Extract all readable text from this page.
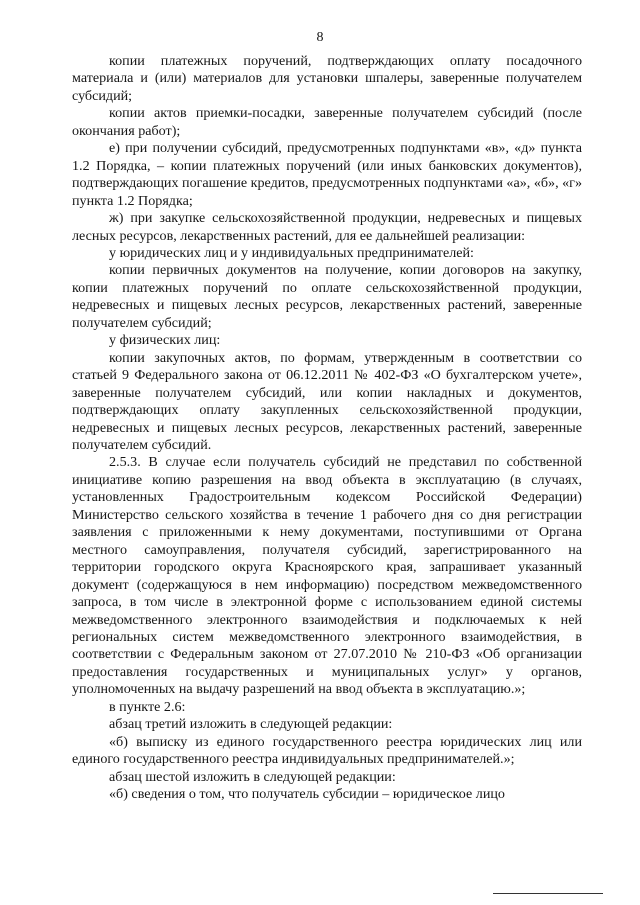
8

копии платежных поручений, подтверждающих оплату посадочного материала и (или) материалов для установки шпалеры, заверенные получателем субсидий;

копии актов приемки-посадки, заверенные получателем субсидий (после окончания работ);

е) при получении субсидий, предусмотренных подпунктами «в», «д» пункта 1.2 Порядка, – копии платежных поручений (или иных банковских документов), подтверждающих погашение кредитов, предусмотренных подпунктами «а», «б», «г» пункта 1.2 Порядка;

ж) при закупке сельскохозяйственной продукции, недревесных и пищевых лесных ресурсов, лекарственных растений, для ее дальнейшей реализации:

у юридических лиц и у индивидуальных предпринимателей:

копии первичных документов на получение, копии договоров на закупку, копии платежных поручений по оплате сельскохозяйственной продукции, недревесных и пищевых лесных ресурсов, лекарственных растений, заверенные получателем субсидий;

у физических лиц:

копии закупочных актов, по формам, утвержденным в соответствии со статьей 9 Федерального закона от 06.12.2011 № 402-ФЗ «О бухгалтерском учете», заверенные получателем субсидий, или копии накладных и документов, подтверждающих оплату закупленных сельскохозяйственной продукции, недревесных и пищевых лесных ресурсов, лекарственных растений, заверенные получателем субсидий.

2.5.3. В случае если получатель субсидий не представил по собственной инициативе копию разрешения на ввод объекта в эксплуатацию (в случаях, установленных Градостроительным кодексом Российской Федерации) Министерство сельского хозяйства в течение 1 рабочего дня со дня регистрации заявления с приложенными к нему документами, поступившими от Органа местного самоуправления, получателя субсидий, зарегистрированного на территории городского округа Красноярского края, запрашивает указанный документ (содержащуюся в нем информацию) посредством межведомственного запроса, в том числе в электронной форме с использованием единой системы межведомственного электронного взаимодействия и подключаемых к ней региональных систем межведомственного электронного взаимодействия, в соответствии с Федеральным законом от 27.07.2010 № 210-ФЗ «Об организации предоставления государственных и муниципальных услуг» у органов, уполномоченных на выдачу разрешений на ввод объекта в эксплуатацию.»;

в пункте 2.6:

абзац третий изложить в следующей редакции:

«б) выписку из единого государственного реестра юридических лиц или единого государственного реестра индивидуальных предпринимателей.»;

абзац шестой изложить в следующей редакции:

«б) сведения о том, что получатель субсидии – юридическое лицо
